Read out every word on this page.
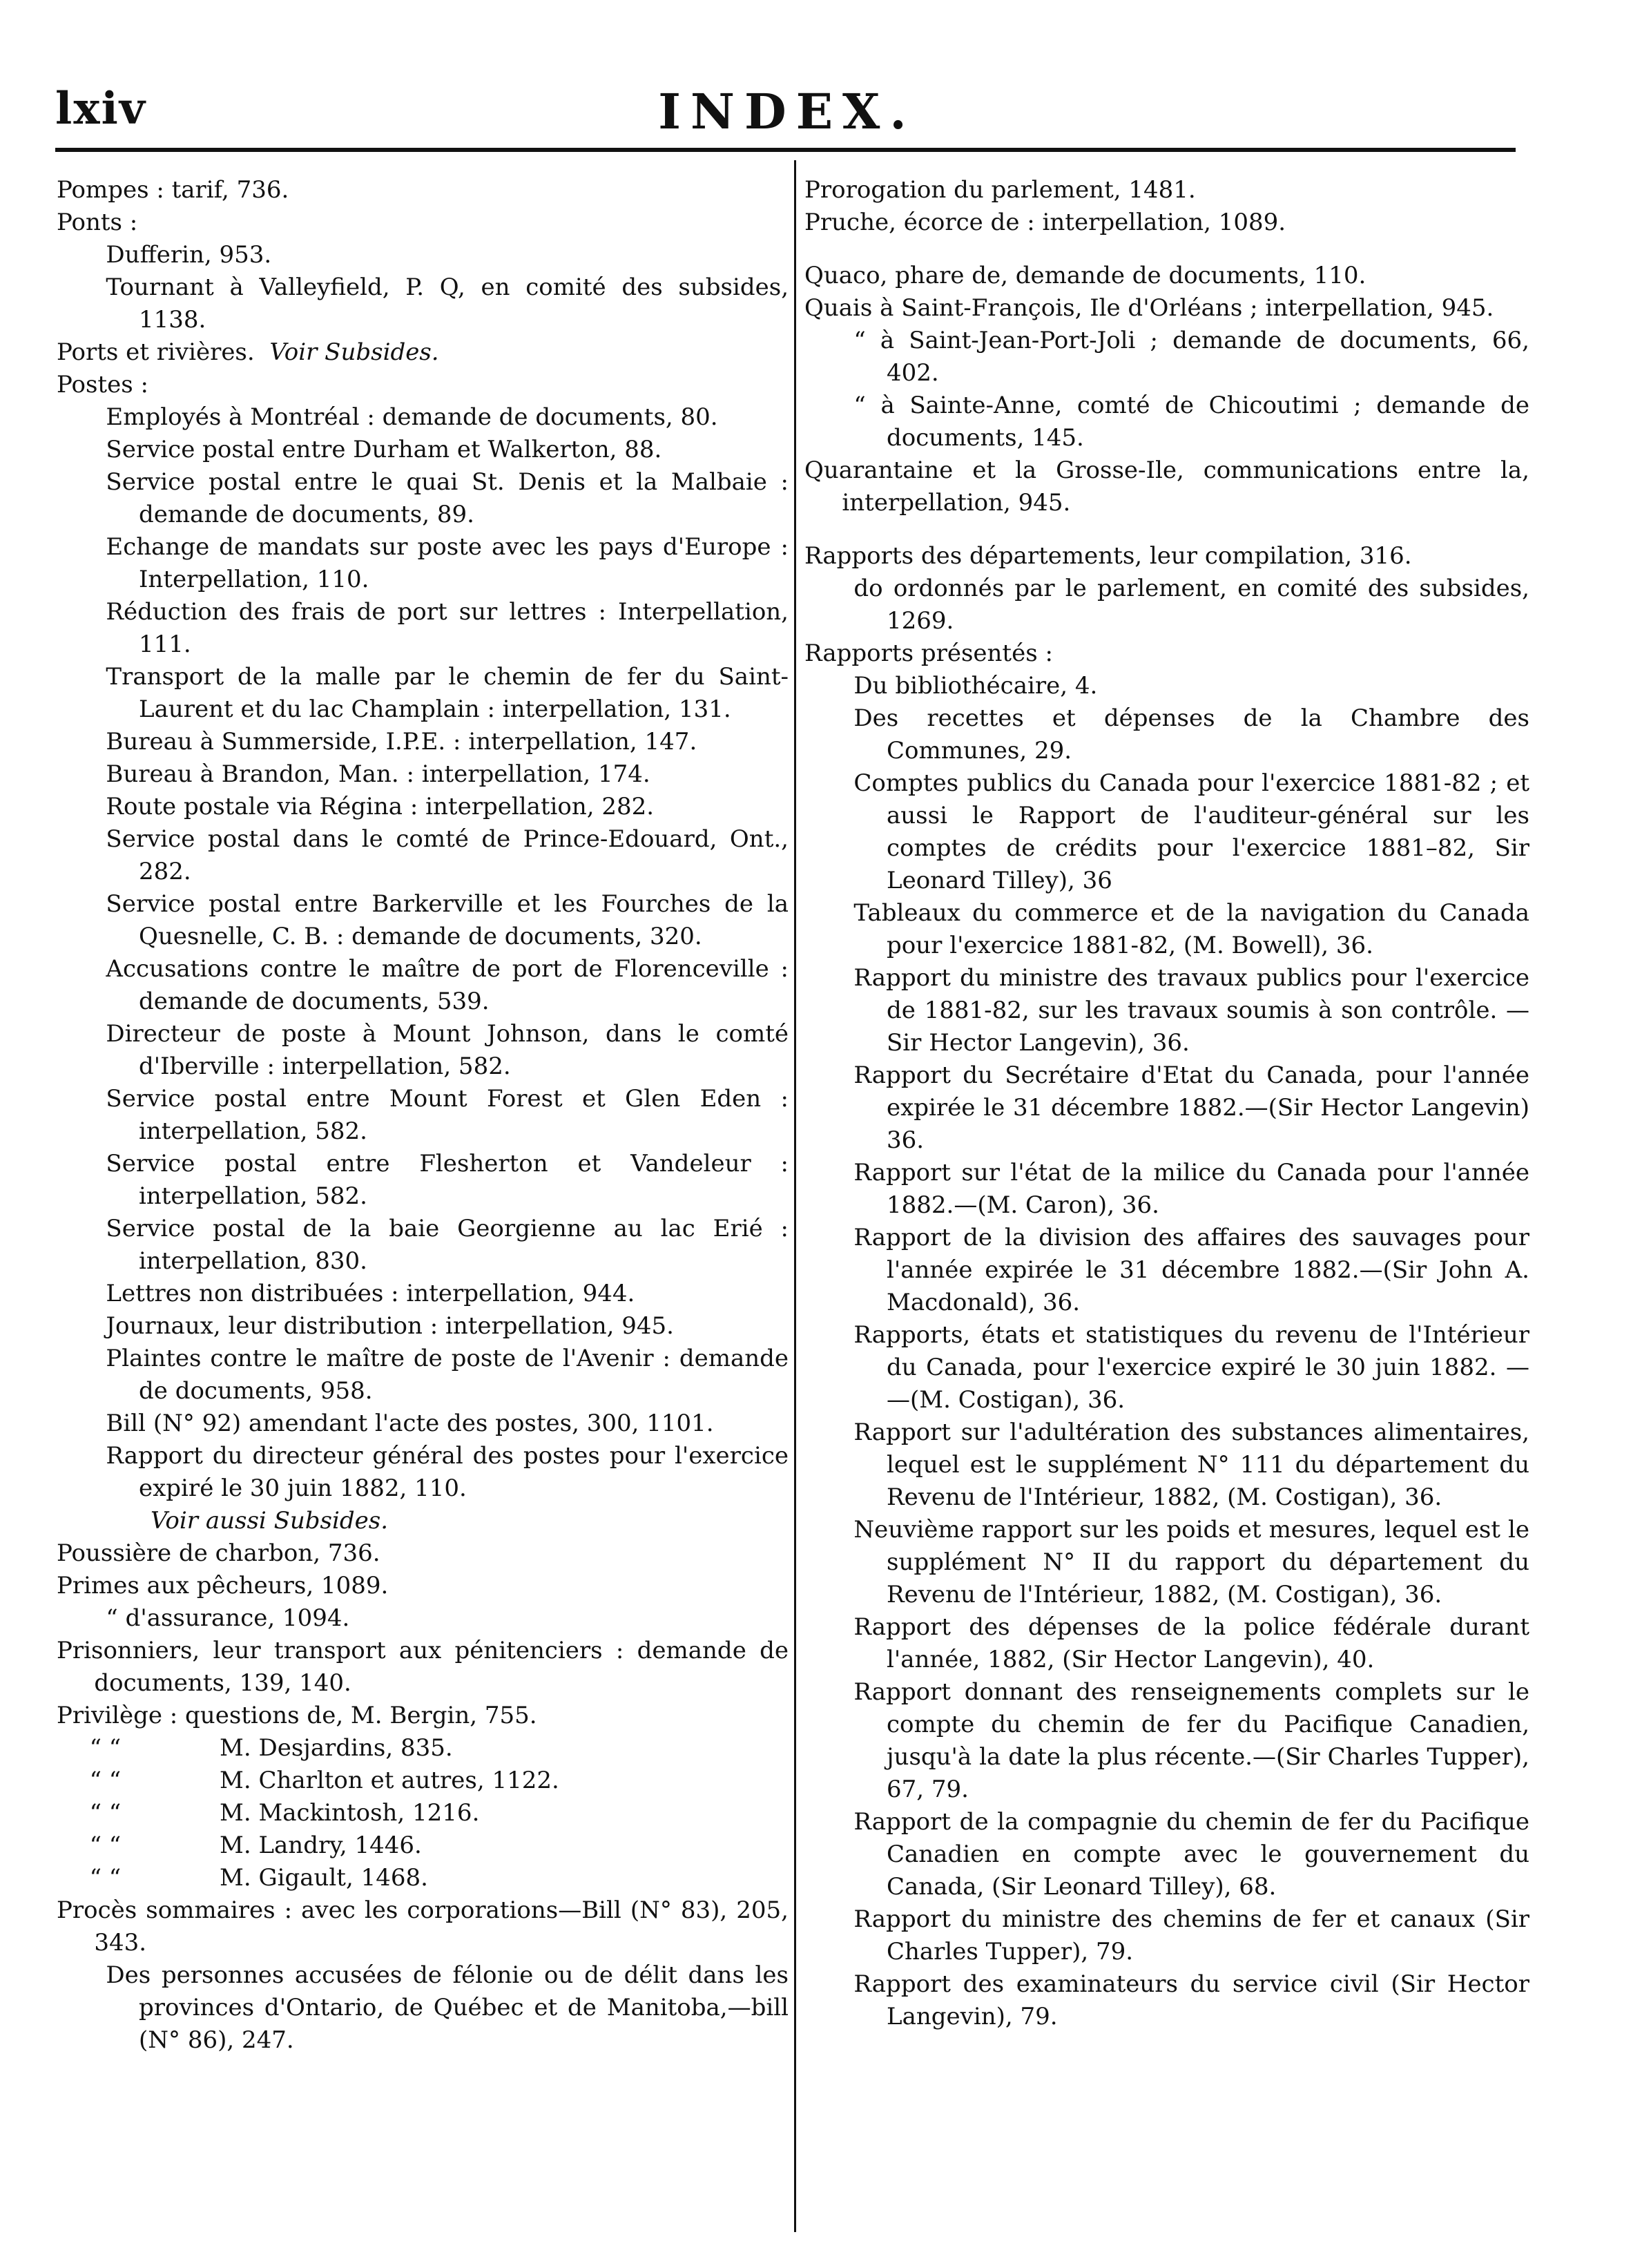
lxiv	INDEX.

Pompes : tarif, 736.

Ponts :

Dufferin, 953.

Tournant à Valleyfield, P. Q, en comité des subsides, 1138.

Ports et rivières. Voir Subsides.

Postes :

Employés à Montréal : demande de documents, 80.

Service postal entre Durham et Walkerton, 88.

Service postal entre le quai St. Denis et la Malbaie : demande de documents, 89.

Echange de mandats sur poste avec les pays d'Europe : Interpellation, 110.

Réduction des frais de port sur lettres : Interpellation, 111.

Transport de la malle par le chemin de fer du Saint-Laurent et du lac Champlain : interpellation, 131.

Bureau à Summerside, I.P.E. : interpellation, 147.

Bureau à Brandon, Man. : interpellation, 174.

Route postale via Régina : interpellation, 282.

Service postal dans le comté de Prince-Edouard, Ont., 282.

Service postal entre Barkerville et les Fourches de la Quesnelle, C. B. : demande de documents, 320.

Accusations contre le maître de port de Florenceville : demande de documents, 539.

Directeur de poste à Mount Johnson, dans le comté d'Iberville : interpellation, 582.

Service postal entre Mount Forest et Glen Eden : interpellation, 582.

Service postal entre Flesherton et Vandeleur : interpellation, 582.

Service postal de la baie Georgienne au lac Erié : interpellation, 830.

Lettres non distribuées : interpellation, 944.

Journaux, leur distribution : interpellation, 945.

Plaintes contre le maître de poste de l'Avenir : demande de documents, 958.

Bill (N° 92) amendant l'acte des postes, 300, 1101.

Rapport du directeur général des postes pour l'exercice expiré le 30 juin 1882, 110.

Voir aussi Subsides.

Poussière de charbon, 736.

Primes aux pêcheurs, 1089.

“ d'assurance, 1094.

Prisonniers, leur transport aux pénitenciers : demande de documents, 139, 140.

Privilège : questions de, M. Bergin, 755.

“ “	M. Desjardins, 835.

“ “	M. Charlton et autres, 1122.

“ “	M. Mackintosh, 1216.

“ “	M. Landry, 1446.

“ “	M. Gigault, 1468.

Procès sommaires : avec les corporations—Bill (N° 83), 205, 343.

Des personnes accusées de félonie ou de délit dans les provinces d'Ontario, de Québec et de Manitoba,—bill (N° 86), 247.

Prorogation du parlement, 1481.

Pruche, écorce de : interpellation, 1089.

Quaco, phare de, demande de documents, 110.

Quais à Saint-François, Ile d'Orléans ; interpellation, 945.

“ à Saint-Jean-Port-Joli ; demande de documents, 66, 402.

“ à Sainte-Anne, comté de Chicoutimi ; demande de documents, 145.

Quarantaine et la Grosse-Ile, communications entre la, interpellation, 945.

Rapports des départements, leur compilation, 316.

do ordonnés par le parlement, en comité des subsides, 1269.

Rapports présentés :

Du bibliothécaire, 4.

Des recettes et dépenses de la Chambre des Communes, 29.

Comptes publics du Canada pour l'exercice 1881-82 ; et aussi le Rapport de l'auditeur-général sur les comptes de crédits pour l'exercice 1881–82, Sir Leonard Tilley), 36

Tableaux du commerce et de la navigation du Canada pour l'exercice 1881-82, (M. Bowell), 36.

Rapport du ministre des travaux publics pour l'exercice de 1881-82, sur les travaux soumis à son contrôle. —Sir Hector Langevin), 36.

Rapport du Secrétaire d'Etat du Canada, pour l'année expirée le 31 décembre 1882.—(Sir Hector Langevin) 36.

Rapport sur l'état de la milice du Canada pour l'année 1882.—(M. Caron), 36.

Rapport de la division des affaires des sauvages pour l'année expirée le 31 décembre 1882.—(Sir John A. Macdonald), 36.

Rapports, états et statistiques du revenu de l'Intérieur du Canada, pour l'exercice expiré le 30 juin 1882. — —(M. Costigan), 36.

Rapport sur l'adultération des substances alimentaires, lequel est le supplément N° 111 du département du Revenu de l'Intérieur, 1882, (M. Costigan), 36.

Neuvième rapport sur les poids et mesures, lequel est le supplément N° II du rapport du département du Revenu de l'Intérieur, 1882, (M. Costigan), 36.

Rapport des dépenses de la police fédérale durant l'année, 1882, (Sir Hector Langevin), 40.

Rapport donnant des renseignements complets sur le compte du chemin de fer du Pacifique Canadien, jusqu'à la date la plus récente.—(Sir Charles Tupper), 67, 79.

Rapport de la compagnie du chemin de fer du Pacifique Canadien en compte avec le gouvernement du Canada, (Sir Leonard Tilley), 68.

Rapport du ministre des chemins de fer et canaux (Sir Charles Tupper), 79.

Rapport des examinateurs du service civil (Sir Hector Langevin), 79.
